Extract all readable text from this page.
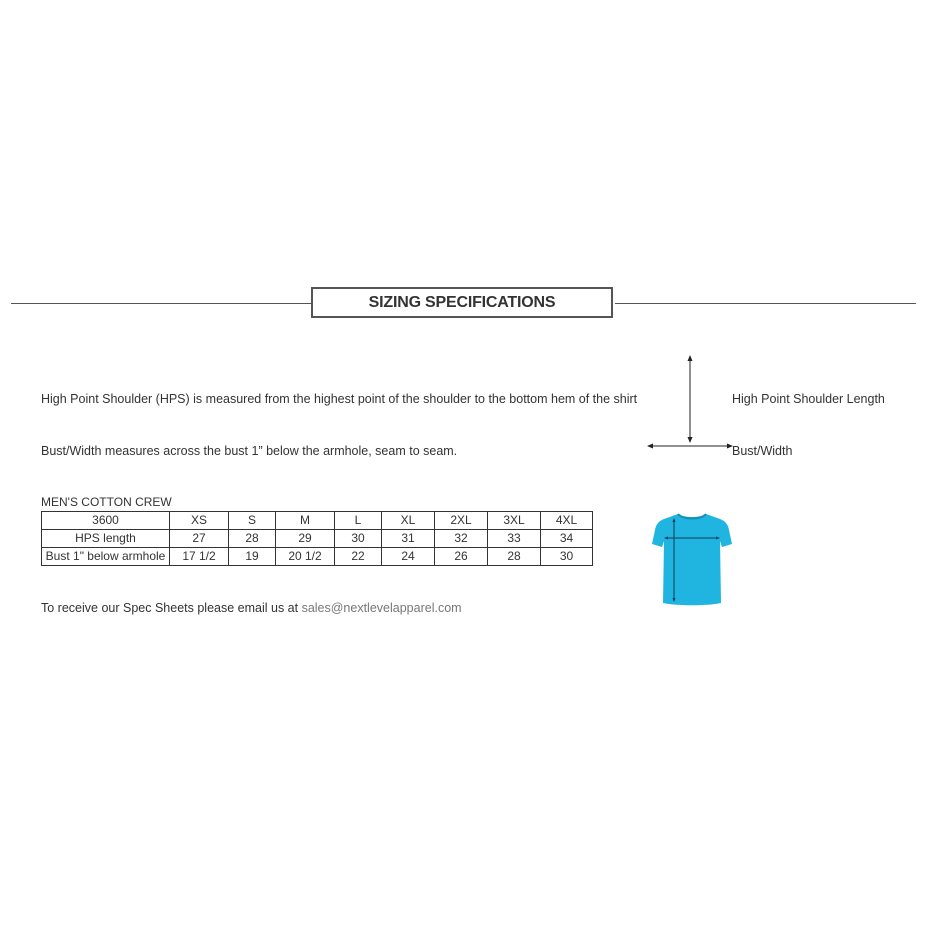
SIZING SPECIFICATIONS
High Point Shoulder (HPS) is measured from the highest point of the shoulder to the bottom hem of the shirt
Bust/Width measures across the bust 1” below the armhole, seam to seam.
High Point Shoulder Length
Bust/Width
MEN'S COTTON CREW
3600	XS	S	M	L	XL	2XL	3XL	4XL
HPS length	27	28	29	30	31	32	33	34
Bust 1" below armhole	17 1/2	19	20 1/2	22	24	26	28	30
To receive our Spec Sheets please email us at sales@nextlevelapparel.com
